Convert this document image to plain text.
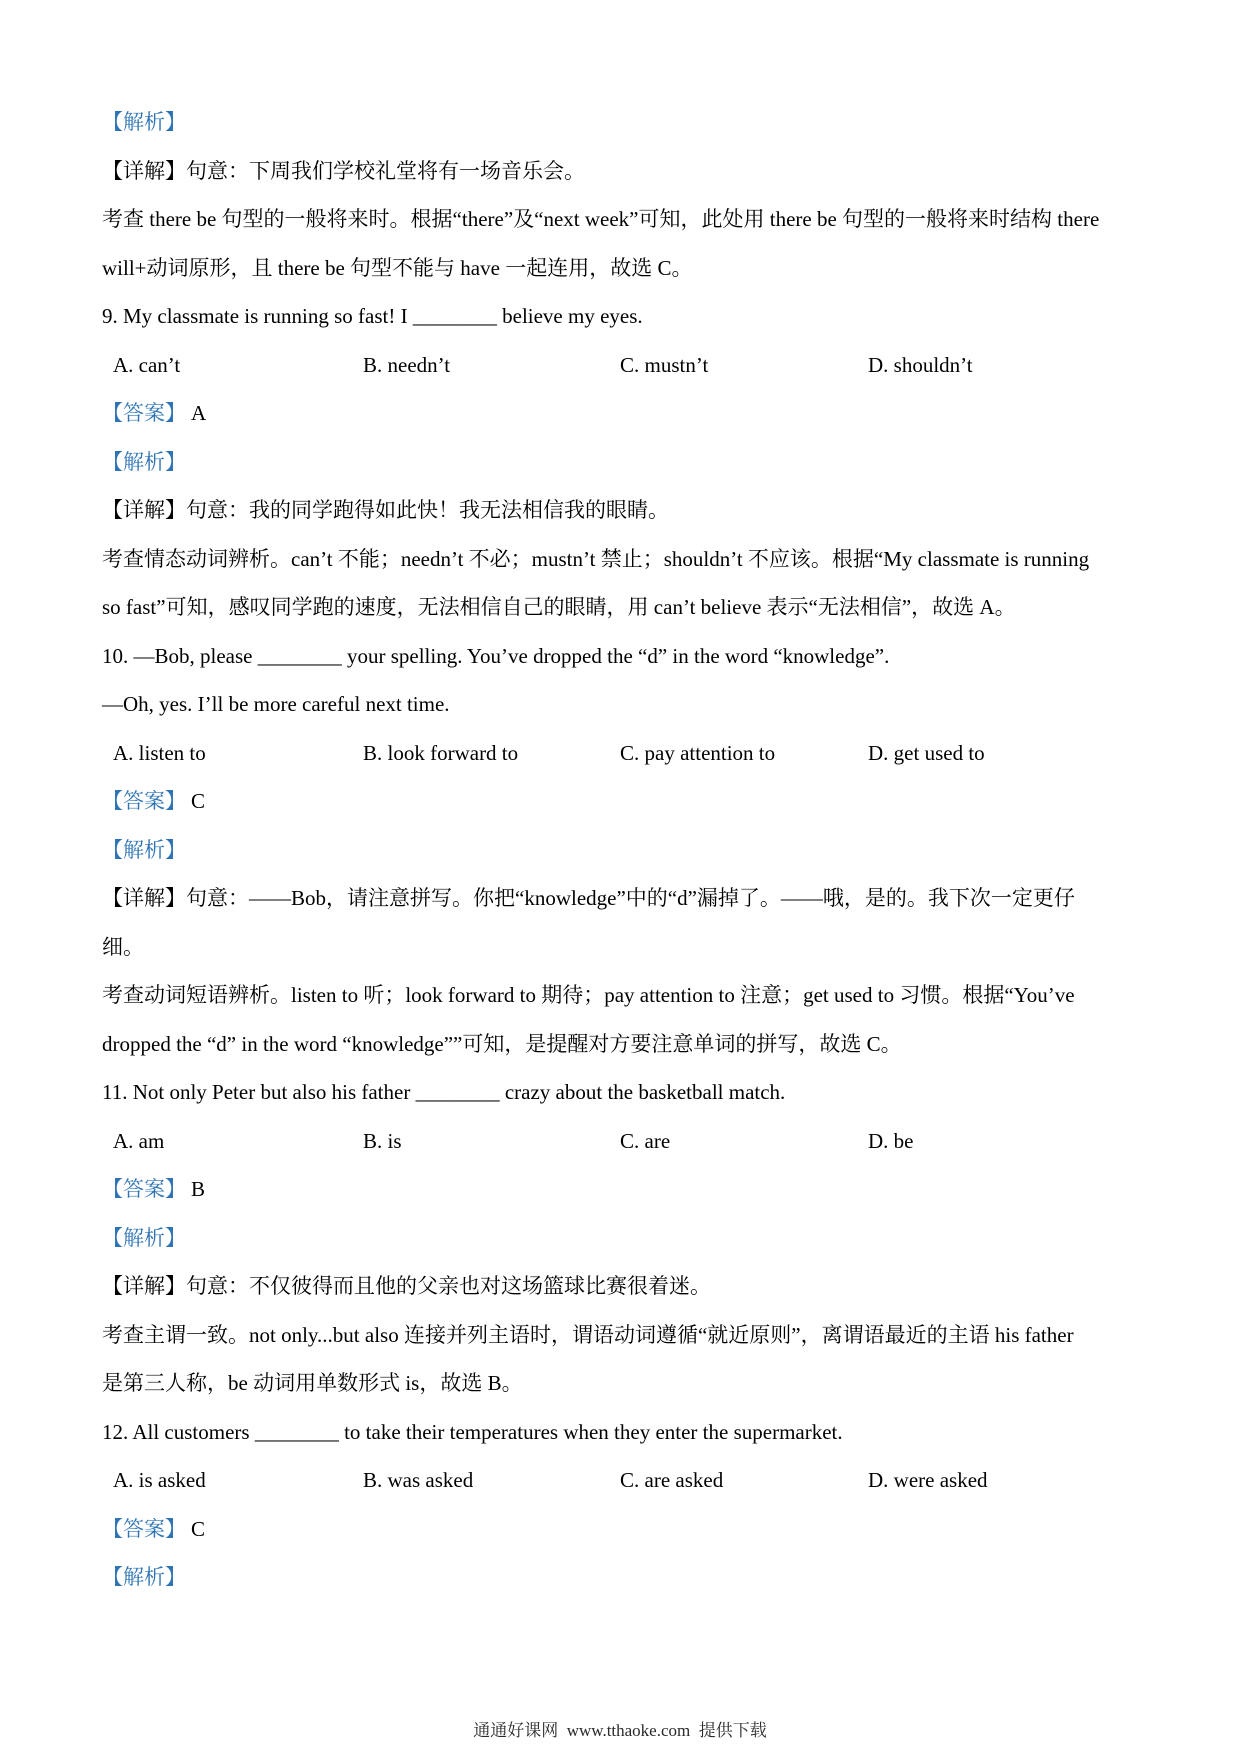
【解析】
【详解】句意：下周我们学校礼堂将有一场音乐会。
考查 there be 句型的一般将来时。根据“there”及“next week”可知，此处用 there be 句型的一般将来时结构 there
will+动词原形，且 there be 句型不能与 have 一起连用，故选 C。
9. My classmate is running so fast! I ________ believe my eyes.
A. can’t	B. needn’t	C. mustn’t	D. shouldn’t
【答案】 A
【解析】
【详解】句意：我的同学跑得如此快！我无法相信我的眼睛。
考查情态动词辨析。can’t 不能；needn’t 不必；mustn’t 禁止；shouldn’t 不应该。根据“My classmate is running
so fast”可知，感叹同学跑的速度，无法相信自己的眼睛，用 can’t believe 表示“无法相信”，故选 A。
10. —Bob, please ________ your spelling. You’ve dropped the “d” in the word “knowledge”.
—Oh, yes. I’ll be more careful next time.
A. listen to	B. look forward to	C. pay attention to	D. get used to
【答案】 C
【解析】
【详解】句意：——Bob，请注意拼写。你把“knowledge”中的“d”漏掉了。——哦，是的。我下次一定更仔
细。
考查动词短语辨析。listen to 听；look forward to 期待；pay attention to 注意；get used to 习惯。根据“You’ve
dropped the “d” in the word “knowledge””可知，是提醒对方要注意单词的拼写，故选 C。
11. Not only Peter but also his father ________ crazy about the basketball match.
A. am	B. is	C. are	D. be
【答案】 B
【解析】
【详解】句意：不仅彼得而且他的父亲也对这场篮球比赛很着迷。
考查主谓一致。not only...but also 连接并列主语时，谓语动词遵循“就近原则”，离谓语最近的主语 his father
是第三人称，be 动词用单数形式 is，故选 B。
12. All customers ________ to take their temperatures when they enter the supermarket.
A. is asked	B. was asked	C. are asked	D. were asked
【答案】 C
【解析】
通通好课网  www.tthaoke.com  提供下载
